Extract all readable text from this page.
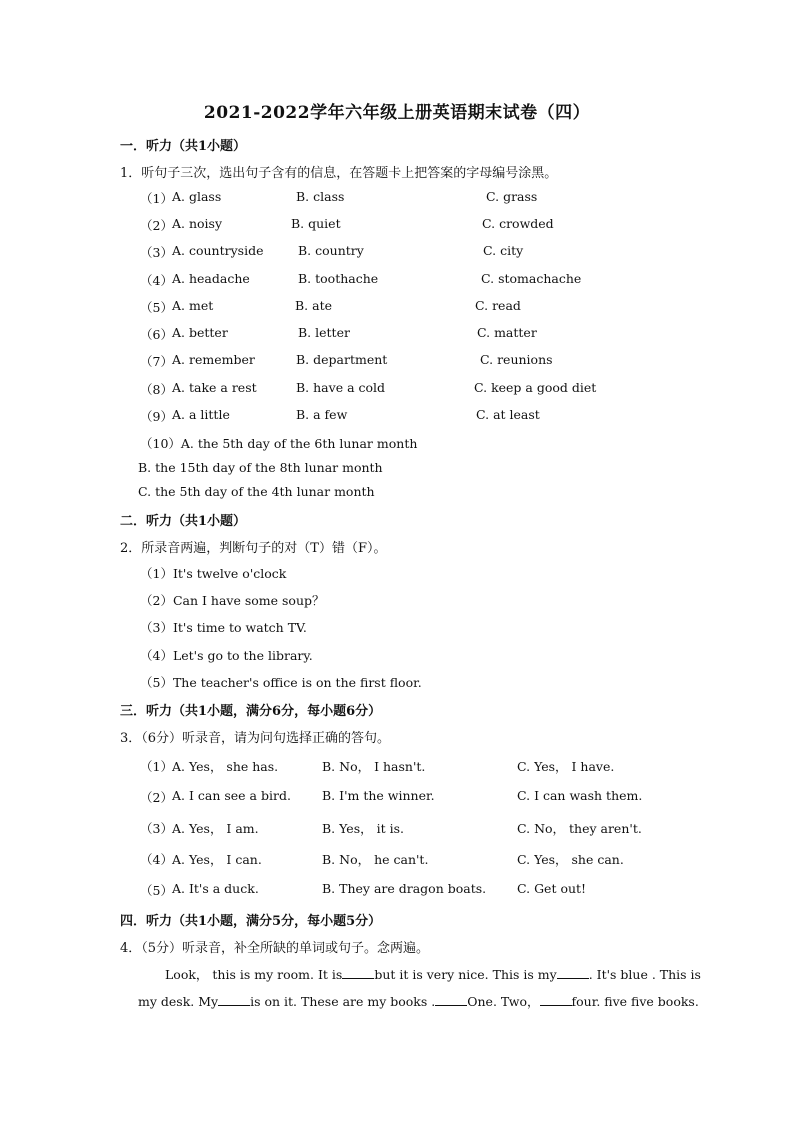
2021-2022学年六年级上册英语期末试卷（四）
一．听力（共1小题）
1．听句子三次，选出句子含有的信息，在答题卡上把答案的字母编号涂黑。
（1） A. glass	B. class	C. grass
（2） A. noisy	B. quiet	C. crowded
（3） A. countryside	B. country	C. city
（4） A. headache	B. toothache	C. stomachache
（5） A. met	B. ate	C. read
（6） A. better	B. letter	C. matter
（7） A. remember	B. department	C. reunions
（8） A. take a rest	B. have a cold	C. keep a good diet
（9） A. a little	B. a few	C. at least
（10）A. the 5th day of the 6th lunar month
B. the 15th day of the 8th lunar month
C. the 5th day of the 4th lunar month
二．听力（共1小题）
2．所录音两遍，判断句子的对（T）错（F）。
（1）It's twelve o'clock
（2）Can I have some soup？
（3）It's time to watch TV.
（4）Let's go to the library.
（5）The teacher's office is on the first floor.
三．听力（共1小题，满分6分，每小题6分）
3．（6分）听录音，请为问句选择正确的答句。
（1） A. Yes， she has.	B. No， I hasn't.	C. Yes， I have.
（2） A. I can see a bird. B. I'm the winner.	C. I can wash them.
（3） A. Yes， I am.	B. Yes， it is.	C. No， they aren't.
（4） A. Yes， I can.	B. No， he can't.	C. Yes， she can.
（5） A. It's a duck.	B. They are dragon boats. C. Get out!
四．听力（共1小题，满分5分，每小题5分）
4．（5分）听录音，补全所缺的单词或句子。念两遍。
Look， this is my room. It is	but it is very nice. This is my	. It's blue . This is
my desk. My	is on it. These are my books .	One. Two，	four. five five books.
